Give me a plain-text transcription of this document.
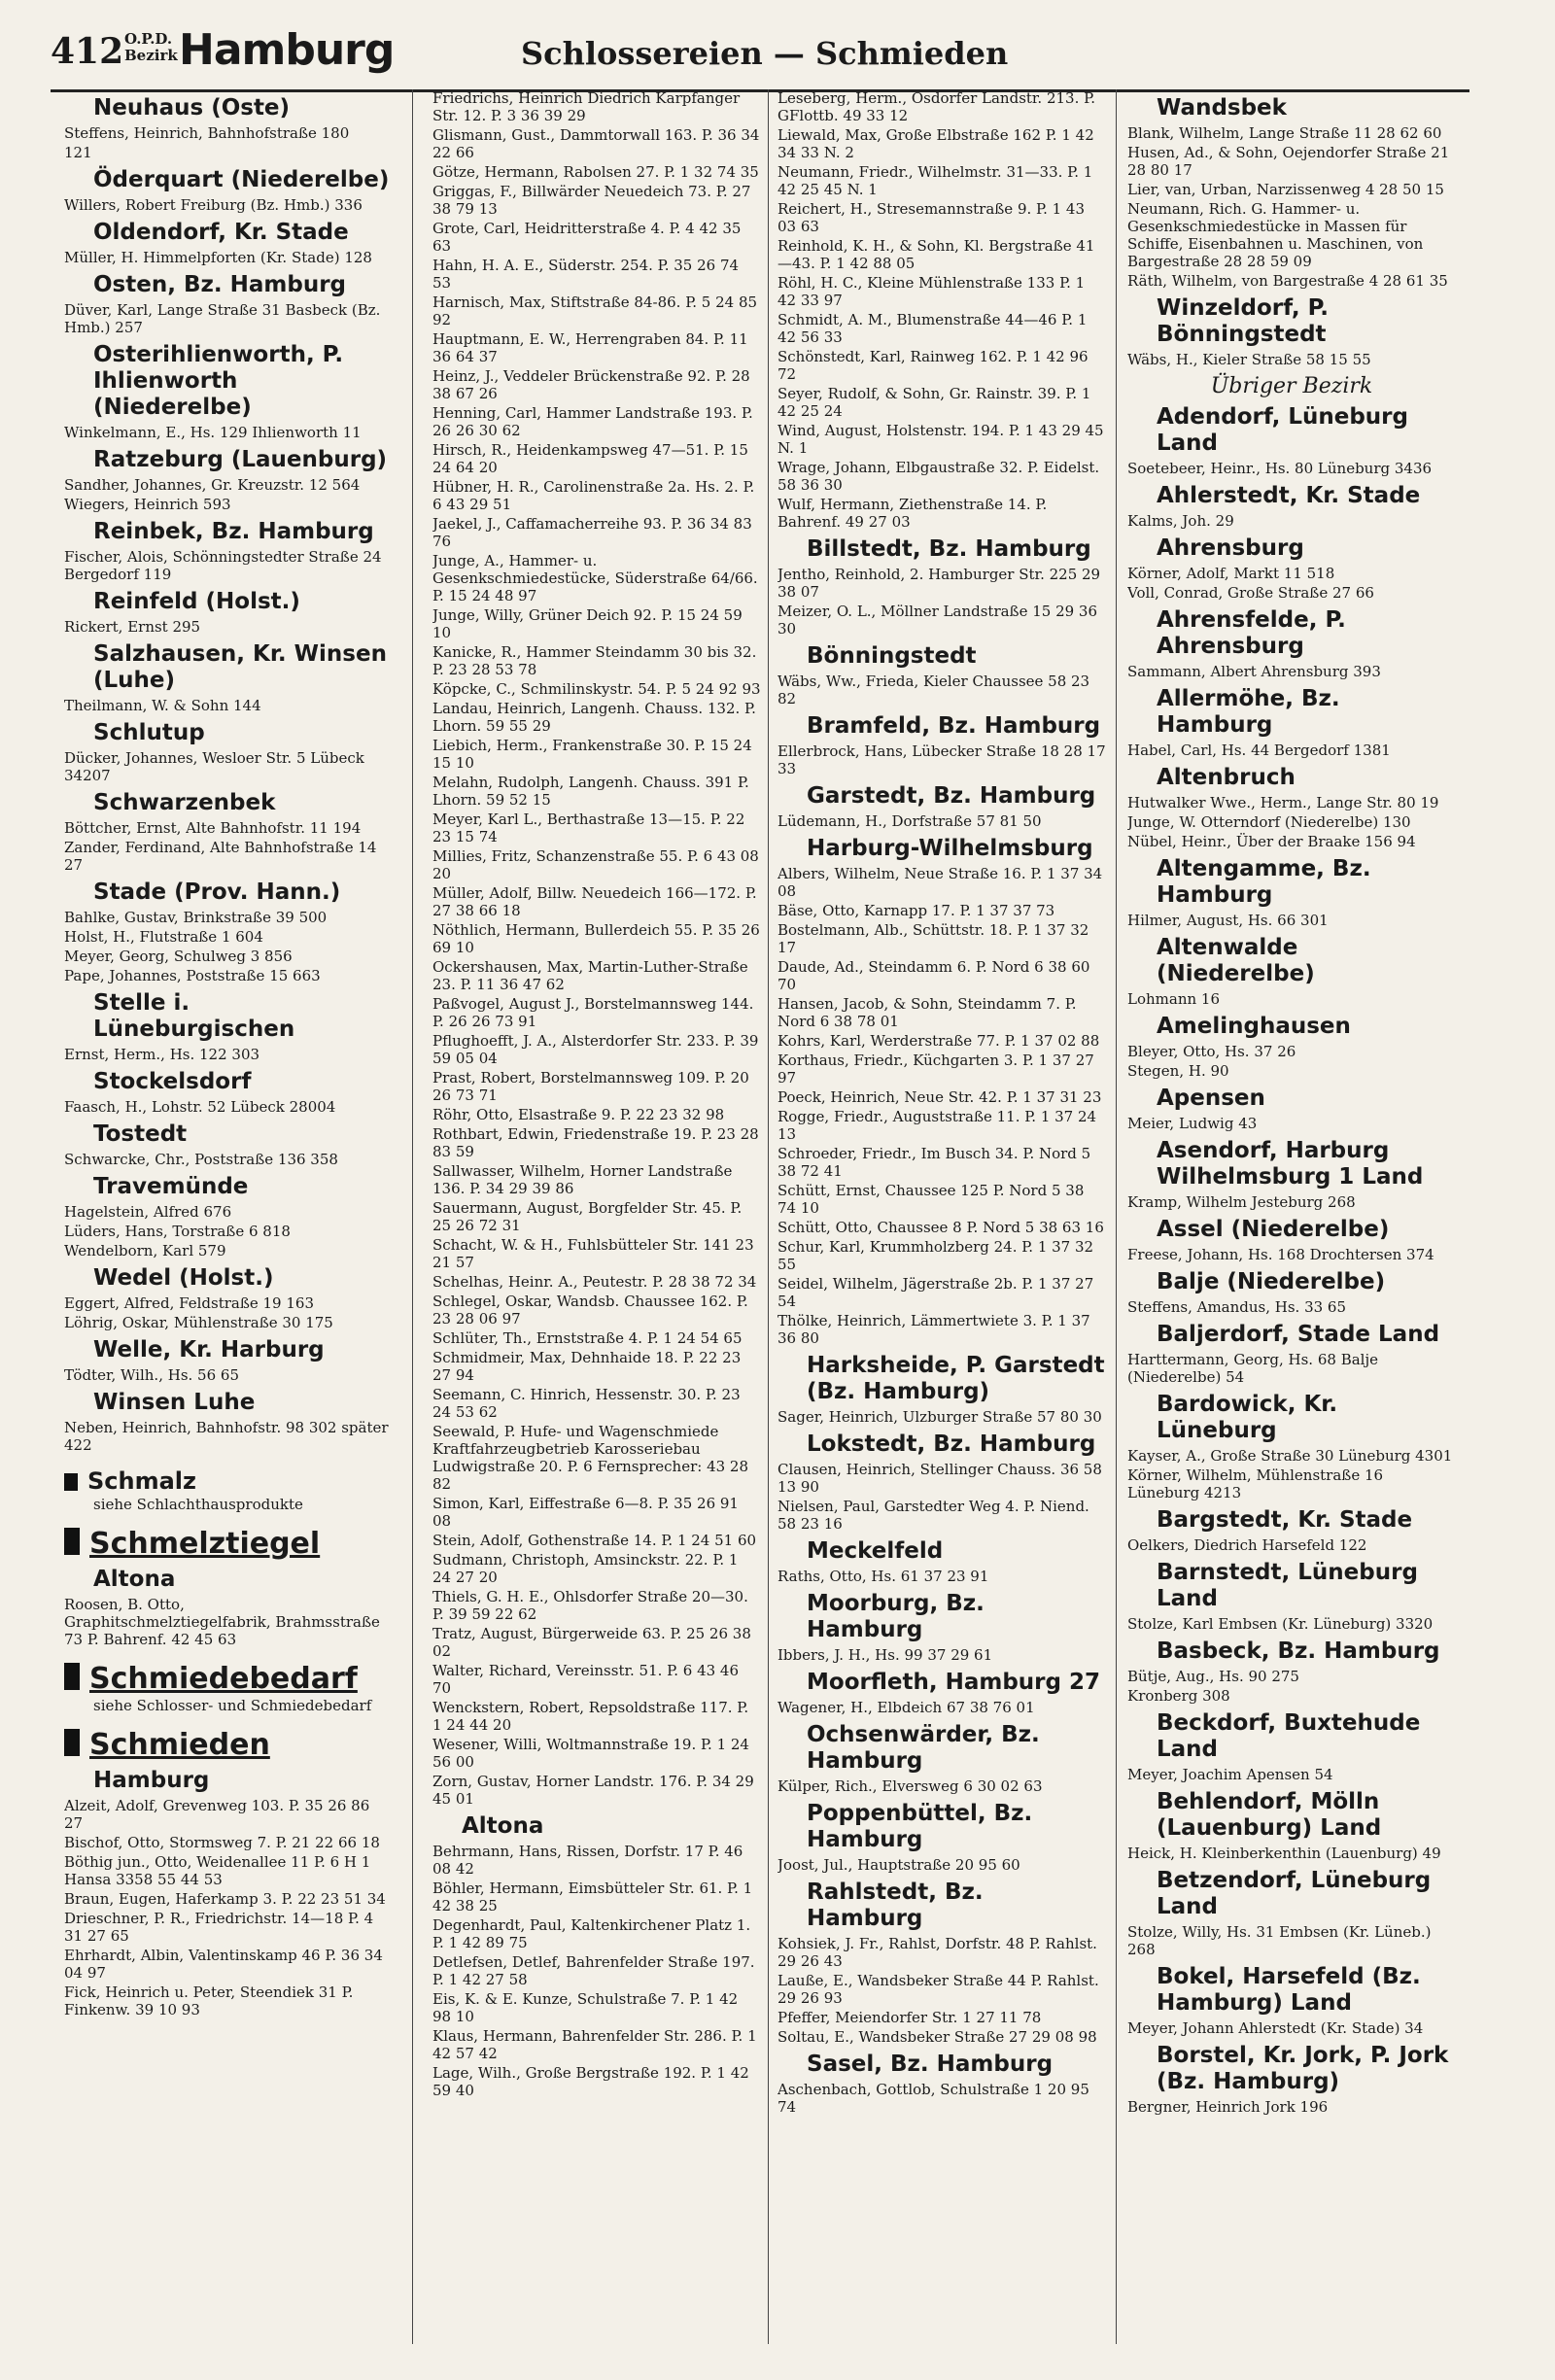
412 O.P.D.
Bezirk Hamburg	Schlossereien — Schmieden
Neuhaus (Oste)
Steffens, Heinrich, Bahnhofstraße 180
121
Öderquart (Niederelbe)
Willers, Robert Freiburg (Bz. Hmb.) 336
Oldendorf, Kr. Stade
Müller, H. Himmelpforten (Kr. Stade) 128
Osten, Bz. Hamburg
Düver, Karl, Lange Straße 31 Basbeck (Bz. Hmb.) 257
Osterihlienworth, P. Ihlienworth (Niederelbe)
Winkelmann, E., Hs. 129 Ihlienworth 11
Ratzeburg (Lauenburg)
Sandher, Johannes, Gr. Kreuzstr. 12 564
Wiegers, Heinrich 593
Reinbek, Bz. Hamburg
Fischer, Alois, Schönningstedter Straße 24 Bergedorf 119
Reinfeld (Holst.)
Rickert, Ernst 295
Salzhausen, Kr. Winsen (Luhe)
Theilmann, W. & Sohn 144
Schlutup
Dücker, Johannes, Wesloer Str. 5 Lübeck 34207
Schwarzenbek
Böttcher, Ernst, Alte Bahnhofstr. 11 194
Zander, Ferdinand, Alte Bahnhofstraße 14 27
Stade (Prov. Hann.)
Bahlke, Gustav, Brinkstraße 39 500
Holst, H., Flutstraße 1 604
Meyer, Georg, Schulweg 3 856
Pape, Johannes, Poststraße 15 663
Stelle i. Lüneburgischen
Ernst, Herm., Hs. 122 303
Stockelsdorf
Faasch, H., Lohstr. 52 Lübeck 28004
Tostedt
Schwarcke, Chr., Poststraße 136 358
Travemünde
Hagelstein, Alfred 676
Lüders, Hans, Torstraße 6 818
Wendelborn, Karl 579
Wedel (Holst.)
Eggert, Alfred, Feldstraße 19 163
Löhrig, Oskar, Mühlenstraße 30 175
Welle, Kr. Harburg
Tödter, Wilh., Hs. 56 65
Winsen Luhe
Neben, Heinrich, Bahnhofstr. 98 302 später 422
Schmalz
siehe Schlachthausprodukte
Schmelztiegel
Altona
Roosen, B. Otto, Graphitschmelztiegelfabrik, Brahmsstraße 73 P. Bahrenf. 42 45 63
Schmiedebedarf
siehe Schlosser- und Schmiedebedarf
Schmieden
Hamburg
Alzeit, Adolf, Grevenweg 103. P. 35 26 86 27
Bischof, Otto, Stormsweg 7. P. 21 22 66 18
Böthig jun., Otto, Weidenallee 11 P. 6 H 1 Hansa 3358 55 44 53
Braun, Eugen, Haferkamp 3. P. 22 23 51 34
Drieschner, P. R., Friedrichstr. 14—18 P. 4 31 27 65
Ehrhardt, Albin, Valentinskamp 46 P. 36 34 04 97
Fick, Heinrich u. Peter, Steendiek 31 P. Finkenw. 39 10 93
Friedrichs, Heinrich Diedrich Karpfanger Str. 12. P. 3 36 39 29
Glismann, Gust., Dammtorwall 163. P. 36 34 22 66
Götze, Hermann, Rabolsen 27. P. 1 32 74 35
Griggas, F., Billwärder Neuedeich 73. P. 27 38 79 13
Grote, Carl, Heidritterstraße 4. P. 4 42 35 63
Hahn, H. A. E., Süderstr. 254. P. 35 26 74 53
Harnisch, Max, Stiftstraße 84-86. P. 5 24 85 92
Hauptmann, E. W., Herrengraben 84. P. 11 36 64 37
Heinz, J., Veddeler Brückenstraße 92. P. 28 38 67 26
Henning, Carl, Hammer Landstraße 193. P. 26 26 30 62
Hirsch, R., Heidenkampsweg 47—51. P. 15 24 64 20
Hübner, H. R., Carolinenstraße 2a. Hs. 2. P. 6 43 29 51
Jaekel, J., Caffamacherreihe 93. P. 36 34 83 76
Junge, A., Hammer- u. Gesenkschmiedestücke, Süderstraße 64/66. P. 15 24 48 97
Junge, Willy, Grüner Deich 92. P. 15 24 59 10
Kanicke, R., Hammer Steindamm 30 bis 32. P. 23 28 53 78
Köpcke, C., Schmilinskystr. 54. P. 5 24 92 93
Landau, Heinrich, Langenh. Chauss. 132. P. Lhorn. 59 55 29
Liebich, Herm., Frankenstraße 30. P. 15 24 15 10
Melahn, Rudolph, Langenh. Chauss. 391 P. Lhorn. 59 52 15
Meyer, Karl L., Berthastraße 13—15. P. 22 23 15 74
Millies, Fritz, Schanzenstraße 55. P. 6 43 08 20
Müller, Adolf, Billw. Neuedeich 166—172. P. 27 38 66 18
Nöthlich, Hermann, Bullerdeich 55. P. 35 26 69 10
Ockershausen, Max, Martin-Luther-Straße 23. P. 11 36 47 62
Paßvogel, August J., Borstelmannsweg 144. P. 26 26 73 91
Pflughoefft, J. A., Alsterdorfer Str. 233. P. 39 59 05 04
Prast, Robert, Borstelmannsweg 109. P. 20 26 73 71
Röhr, Otto, Elsastraße 9. P. 22 23 32 98
Rothbart, Edwin, Friedenstraße 19. P. 23 28 83 59
Sallwasser, Wilhelm, Horner Landstraße 136. P. 34 29 39 86
Sauermann, August, Borgfelder Str. 45. P. 25 26 72 31
Schacht, W. & H., Fuhlsbütteler Str. 141 23 21 57
Schelhas, Heinr. A., Peutestr. P. 28 38 72 34
Schlegel, Oskar, Wandsb. Chaussee 162. P. 23 28 06 97
Schlüter, Th., Ernststraße 4. P. 1 24 54 65
Schmidmeir, Max, Dehnhaide 18. P. 22 23 27 94
Seemann, C. Hinrich, Hessenstr. 30. P. 23 24 53 62
Seewald, P. Hufe- und Wagenschmiede Kraftfahrzeugbetrieb Karosseriebau Ludwigstraße 20. P. 6 Fernsprecher: 43 28 82
Simon, Karl, Eiffestraße 6—8. P. 35 26 91 08
Stein, Adolf, Gothenstraße 14. P. 1 24 51 60
Sudmann, Christoph, Amsinckstr. 22. P. 1 24 27 20
Thiels, G. H. E., Ohlsdorfer Straße 20—30. P. 39 59 22 62
Tratz, August, Bürgerweide 63. P. 25 26 38 02
Walter, Richard, Vereinsstr. 51. P. 6 43 46 70
Wenckstern, Robert, Repsoldstraße 117. P. 1 24 44 20
Wesener, Willi, Woltmannstraße 19. P. 1 24 56 00
Zorn, Gustav, Horner Landstr. 176. P. 34 29 45 01
Altona
Behrmann, Hans, Rissen, Dorfstr. 17 P. 46 08 42
Böhler, Hermann, Eimsbütteler Str. 61. P. 1 42 38 25
Degenhardt, Paul, Kaltenkirchener Platz 1. P. 1 42 89 75
Detlefsen, Detlef, Bahrenfelder Straße 197. P. 1 42 27 58
Eis, K. & E. Kunze, Schulstraße 7. P. 1 42 98 10
Klaus, Hermann, Bahrenfelder Str. 286. P. 1 42 57 42
Lage, Wilh., Große Bergstraße 192. P. 1 42 59 40
Leseberg, Herm., Osdorfer Landstr. 213. P. GFlottb. 49 33 12
Liewald, Max, Große Elbstraße 162 P. 1 42 34 33 N. 2
Neumann, Friedr., Wilhelmstr. 31—33. P. 1 42 25 45 N. 1
Reichert, H., Stresemannstraße 9. P. 1 43 03 63
Reinhold, K. H., & Sohn, Kl. Bergstraße 41—43. P. 1 42 88 05
Röhl, H. C., Kleine Mühlenstraße 133 P. 1 42 33 97
Schmidt, A. M., Blumenstraße 44—46 P. 1 42 56 33
Schönstedt, Karl, Rainweg 162. P. 1 42 96 72
Seyer, Rudolf, & Sohn, Gr. Rainstr. 39. P. 1 42 25 24
Wind, August, Holstenstr. 194. P. 1 43 29 45 N. 1
Wrage, Johann, Elbgaustraße 32. P. Eidelst. 58 36 30
Wulf, Hermann, Ziethenstraße 14. P. Bahrenf. 49 27 03
Billstedt, Bz. Hamburg
Jentho, Reinhold, 2. Hamburger Str. 225 29 38 07
Meizer, O. L., Möllner Landstraße 15 29 36 30
Bönningstedt
Wäbs, Ww., Frieda, Kieler Chaussee 58 23 82
Bramfeld, Bz. Hamburg
Ellerbrock, Hans, Lübecker Straße 18 28 17 33
Garstedt, Bz. Hamburg
Lüdemann, H., Dorfstraße 57 81 50
Harburg-Wilhelmsburg
Albers, Wilhelm, Neue Straße 16. P. 1 37 34 08
Bäse, Otto, Karnapp 17. P. 1 37 37 73
Bostelmann, Alb., Schüttstr. 18. P. 1 37 32 17
Daude, Ad., Steindamm 6. P. Nord 6 38 60 70
Hansen, Jacob, & Sohn, Steindamm 7. P. Nord 6 38 78 01
Kohrs, Karl, Werderstraße 77. P. 1 37 02 88
Korthaus, Friedr., Küchgarten 3. P. 1 37 27 97
Poeck, Heinrich, Neue Str. 42. P. 1 37 31 23
Rogge, Friedr., Auguststraße 11. P. 1 37 24 13
Schroeder, Friedr., Im Busch 34. P. Nord 5 38 72 41
Schütt, Ernst, Chaussee 125 P. Nord 5 38 74 10
Schütt, Otto, Chaussee 8 P. Nord 5 38 63 16
Schur, Karl, Krummholzberg 24. P. 1 37 32 55
Seidel, Wilhelm, Jägerstraße 2b. P. 1 37 27 54
Thölke, Heinrich, Lämmertwiete 3. P. 1 37 36 80
Harksheide, P. Garstedt (Bz. Hamburg)
Sager, Heinrich, Ulzburger Straße 57 80 30
Lokstedt, Bz. Hamburg
Clausen, Heinrich, Stellinger Chauss. 36 58 13 90
Nielsen, Paul, Garstedter Weg 4. P. Niend. 58 23 16
Meckelfeld
Raths, Otto, Hs. 61 37 23 91
Moorburg, Bz. Hamburg
Ibbers, J. H., Hs. 99 37 29 61
Moorfleth, Hamburg 27
Wagener, H., Elbdeich 67 38 76 01
Ochsenwärder, Bz. Hamburg
Külper, Rich., Elversweg 6 30 02 63
Poppenbüttel, Bz. Hamburg
Joost, Jul., Hauptstraße 20 95 60
Rahlstedt, Bz. Hamburg
Kohsiek, J. Fr., Rahlst, Dorfstr. 48 P. Rahlst. 29 26 43
Lauße, E., Wandsbeker Straße 44 P. Rahlst. 29 26 93
Pfeffer, Meiendorfer Str. 1 27 11 78
Soltau, E., Wandsbeker Straße 27 29 08 98
Sasel, Bz. Hamburg
Aschenbach, Gottlob, Schulstraße 1 20 95 74
Wandsbek
Blank, Wilhelm, Lange Straße 11 28 62 60
Husen, Ad., & Sohn, Oejendorfer Straße 21 28 80 17
Lier, van, Urban, Narzissenweg 4 28 50 15
Neumann, Rich. G. Hammer- u. Gesenkschmiedestücke in Massen für Schiffe, Eisenbahnen u. Maschinen, von Bargestraße 28 28 59 09
Räth, Wilhelm, von Bargestraße 4 28 61 35
Winzeldorf, P. Bönningstedt
Wäbs, H., Kieler Straße 58 15 55
Übriger Bezirk
Adendorf, Lüneburg Land
Soetebeer, Heinr., Hs. 80 Lüneburg 3436
Ahlerstedt, Kr. Stade
Kalms, Joh. 29
Ahrensburg
Körner, Adolf, Markt 11 518
Voll, Conrad, Große Straße 27 66
Ahrensfelde, P. Ahrensburg
Sammann, Albert Ahrensburg 393
Allermöhe, Bz. Hamburg
Habel, Carl, Hs. 44 Bergedorf 1381
Altenbruch
Hutwalker Wwe., Herm., Lange Str. 80 19
Junge, W. Otterndorf (Niederelbe) 130
Nübel, Heinr., Über der Braake 156 94
Altengamme, Bz. Hamburg
Hilmer, August, Hs. 66 301
Altenwalde (Niederelbe)
Lohmann 16
Amelinghausen
Bleyer, Otto, Hs. 37 26
Stegen, H. 90
Apensen
Meier, Ludwig 43
Asendorf, Harburg Wilhelmsburg 1 Land
Kramp, Wilhelm Jesteburg 268
Assel (Niederelbe)
Freese, Johann, Hs. 168 Drochtersen 374
Balje (Niederelbe)
Steffens, Amandus, Hs. 33 65
Baljerdorf, Stade Land
Harttermann, Georg, Hs. 68 Balje (Niederelbe) 54
Bardowick, Kr. Lüneburg
Kayser, A., Große Straße 30 Lüneburg 4301
Körner, Wilhelm, Mühlenstraße 16 Lüneburg 4213
Bargstedt, Kr. Stade
Oelkers, Diedrich Harsefeld 122
Barnstedt, Lüneburg Land
Stolze, Karl Embsen (Kr. Lüneburg) 3320
Basbeck, Bz. Hamburg
Bütje, Aug., Hs. 90 275
Kronberg 308
Beckdorf, Buxtehude Land
Meyer, Joachim Apensen 54
Behlendorf, Mölln (Lauenburg) Land
Heick, H. Kleinberkenthin (Lauenburg) 49
Betzendorf, Lüneburg Land
Stolze, Willy, Hs. 31 Embsen (Kr. Lüneb.) 268
Bokel, Harsefeld (Bz. Hamburg) Land
Meyer, Johann Ahlerstedt (Kr. Stade) 34
Borstel, Kr. Jork, P. Jork (Bz. Hamburg)
Bergner, Heinrich Jork 196
